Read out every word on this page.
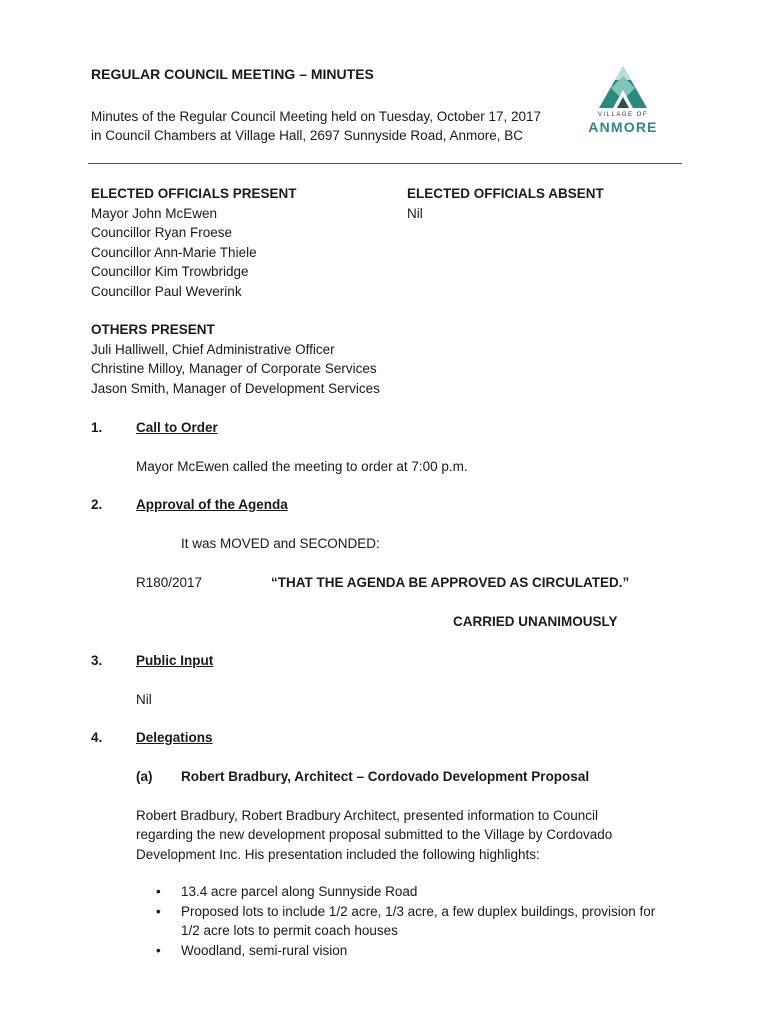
REGULAR COUNCIL MEETING – MINUTES
Minutes of the Regular Council Meeting held on Tuesday, October 17, 2017
in Council Chambers at Village Hall, 2697 Sunnyside Road, Anmore, BC
VILLAGE OF
ANMORE
ELECTED OFFICIALS PRESENT
Mayor John McEwen
Councillor Ryan Froese
Councillor Ann-Marie Thiele
Councillor Kim Trowbridge
Councillor Paul Weverink
ELECTED OFFICIALS ABSENT
Nil
OTHERS PRESENT
Juli Halliwell, Chief Administrative Officer
Christine Milloy, Manager of Corporate Services
Jason Smith, Manager of Development Services
1. Call to Order
Mayor McEwen called the meeting to order at 7:00 p.m.
2. Approval of the Agenda
It was MOVED and SECONDED:
R180/2017	“THAT THE AGENDA BE APPROVED AS CIRCULATED.”
CARRIED UNANIMOUSLY
3. Public Input
Nil
4. Delegations
(a) Robert Bradbury, Architect – Cordovado Development Proposal
Robert Bradbury, Robert Bradbury Architect, presented information to Council
regarding the new development proposal submitted to the Village by Cordovado
Development Inc. His presentation included the following highlights:
• 13.4 acre parcel along Sunnyside Road
• Proposed lots to include 1/2 acre, 1/3 acre, a few duplex buildings, provision for
1/2 acre lots to permit coach houses
• Woodland, semi-rural vision
